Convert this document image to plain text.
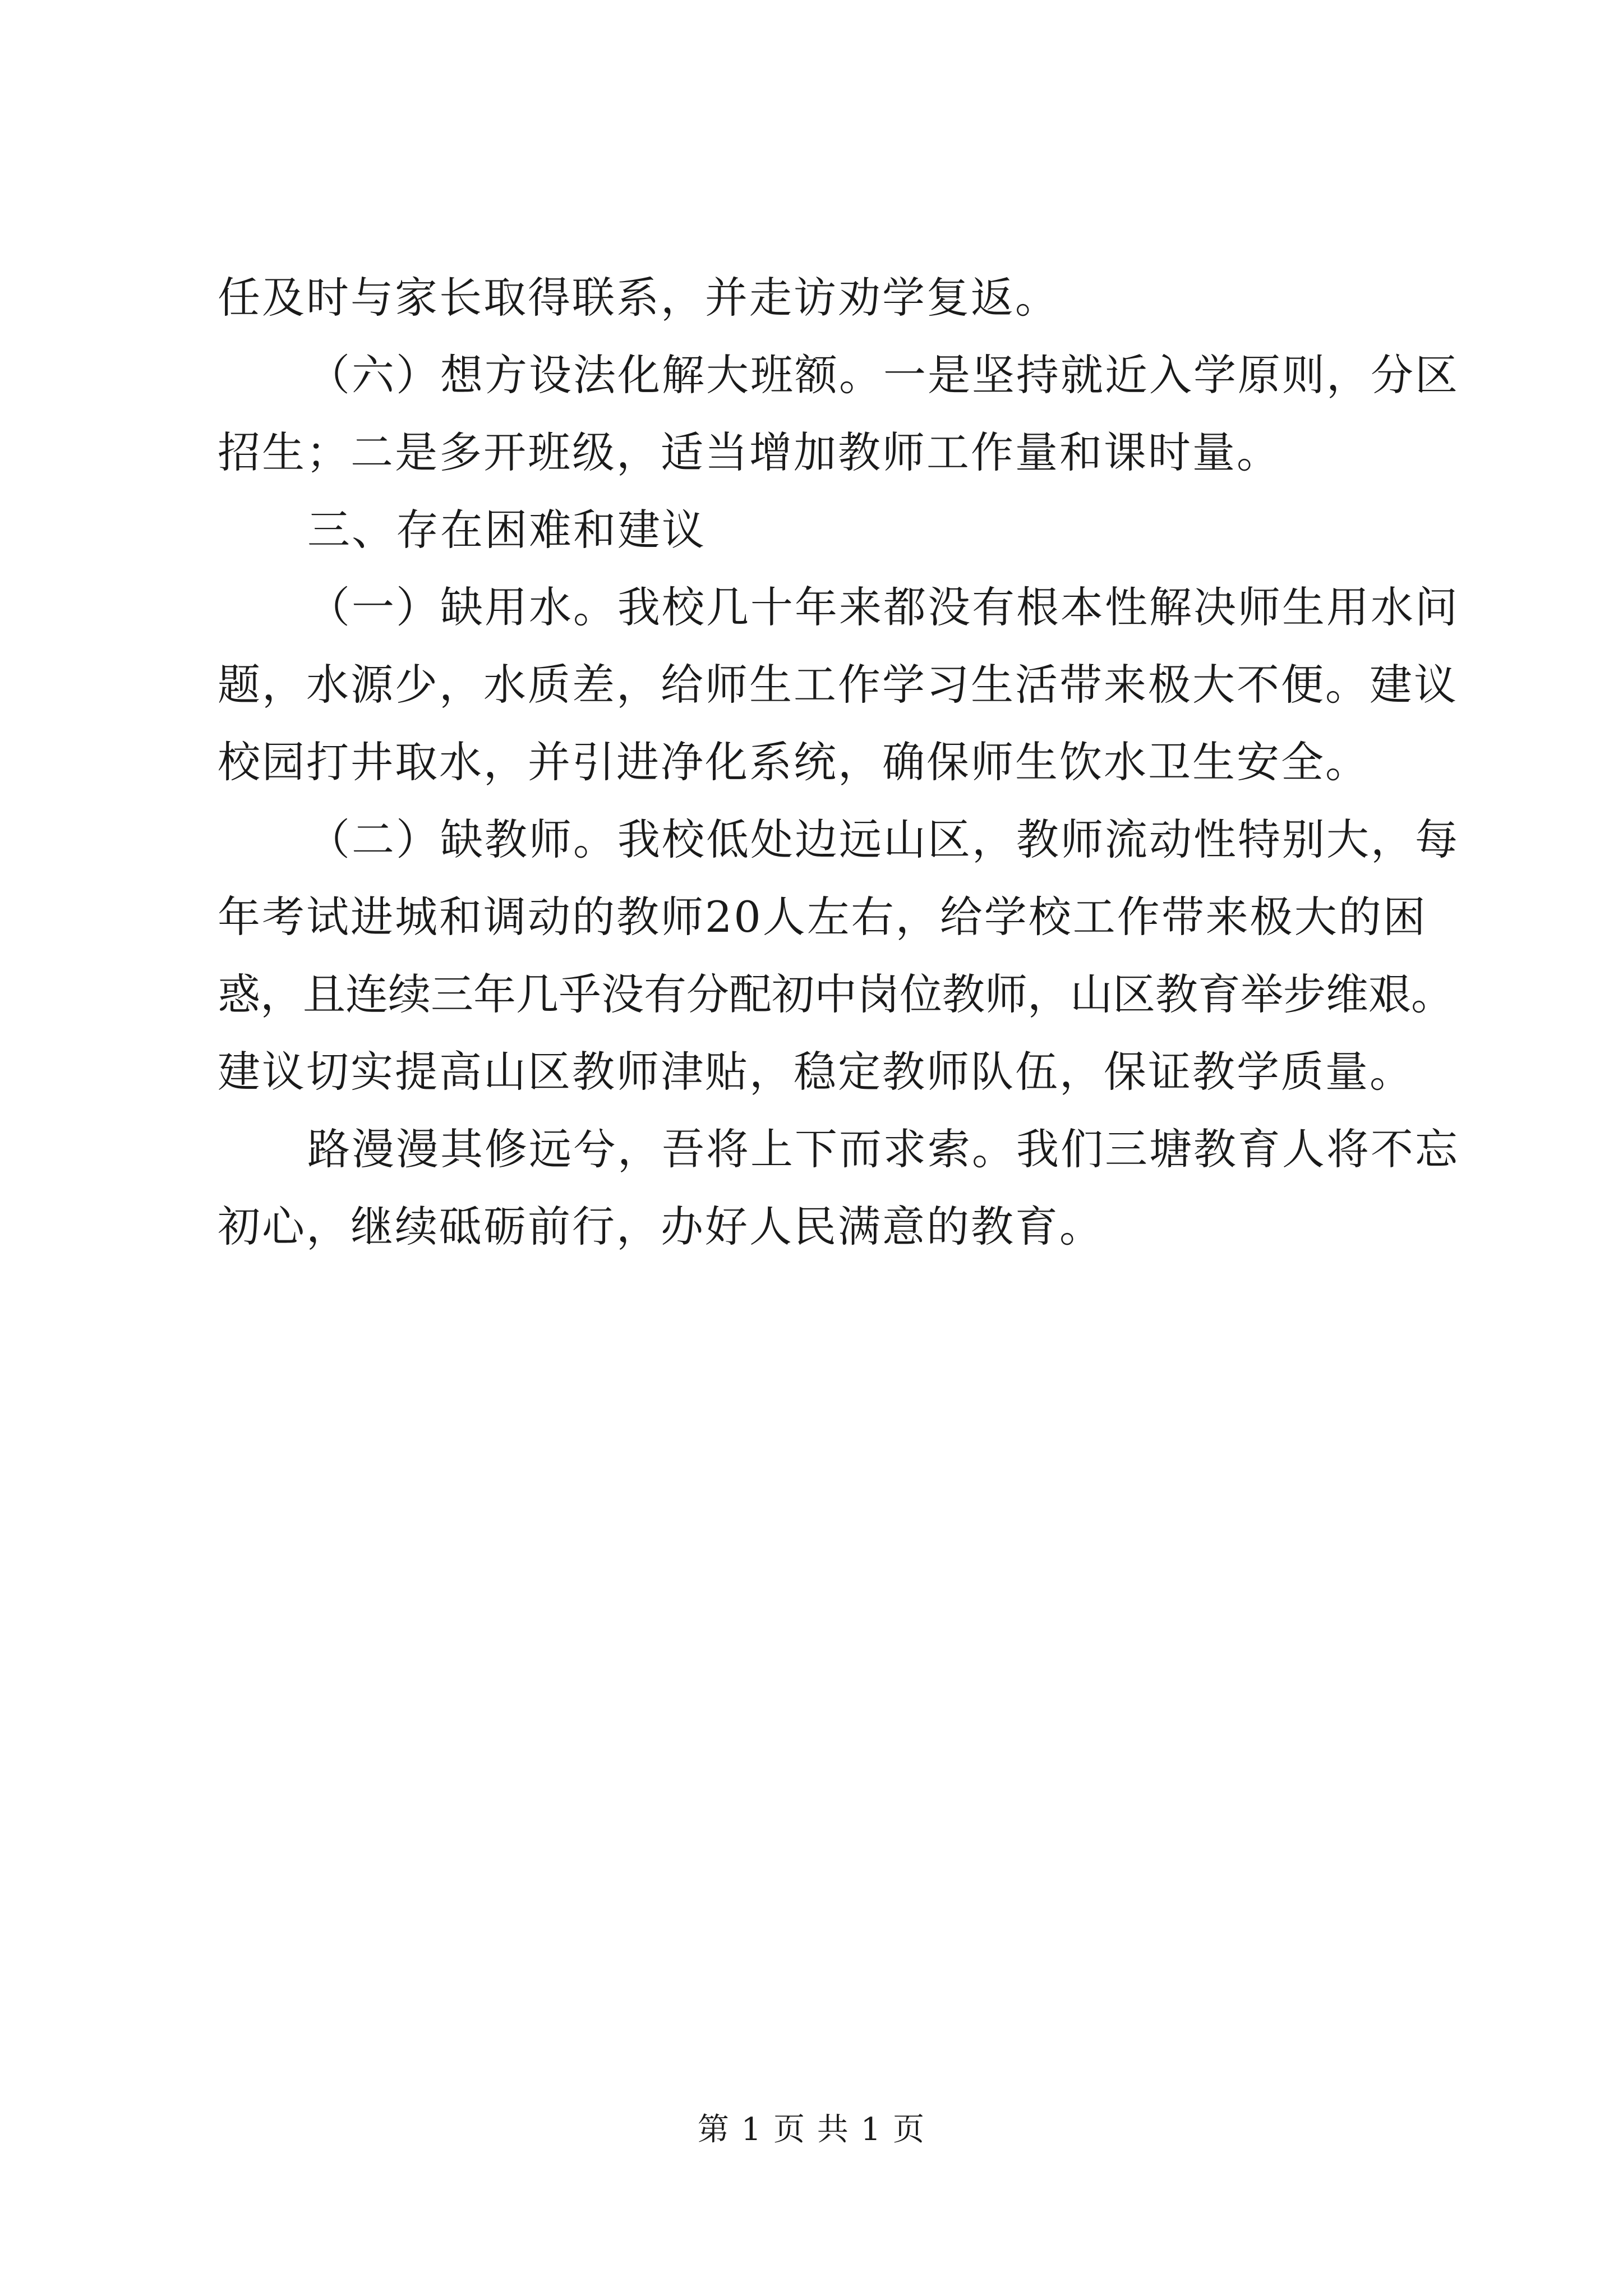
任及时与家长取得联系，并走访劝学复返。
（六）想方设法化解大班额。一是坚持就近入学原则，分区
招生；二是多开班级，适当增加教师工作量和课时量。
三、存在困难和建议
（一）缺用水。我校几十年来都没有根本性解决师生用水问
题，水源少，水质差，给师生工作学习生活带来极大不便。建议
校园打井取水，并引进净化系统，确保师生饮水卫生安全。
（二）缺教师。我校低处边远山区，教师流动性特别大，每
年考试进城和调动的教师20人左右，给学校工作带来极大的困
惑，且连续三年几乎没有分配初中岗位教师，山区教育举步维艰。
建议切实提高山区教师津贴，稳定教师队伍，保证教学质量。
路漫漫其修远兮，吾将上下而求索。我们三塘教育人将不忘
初心，继续砥砺前行，办好人民满意的教育。
第 1 页 共 1 页
